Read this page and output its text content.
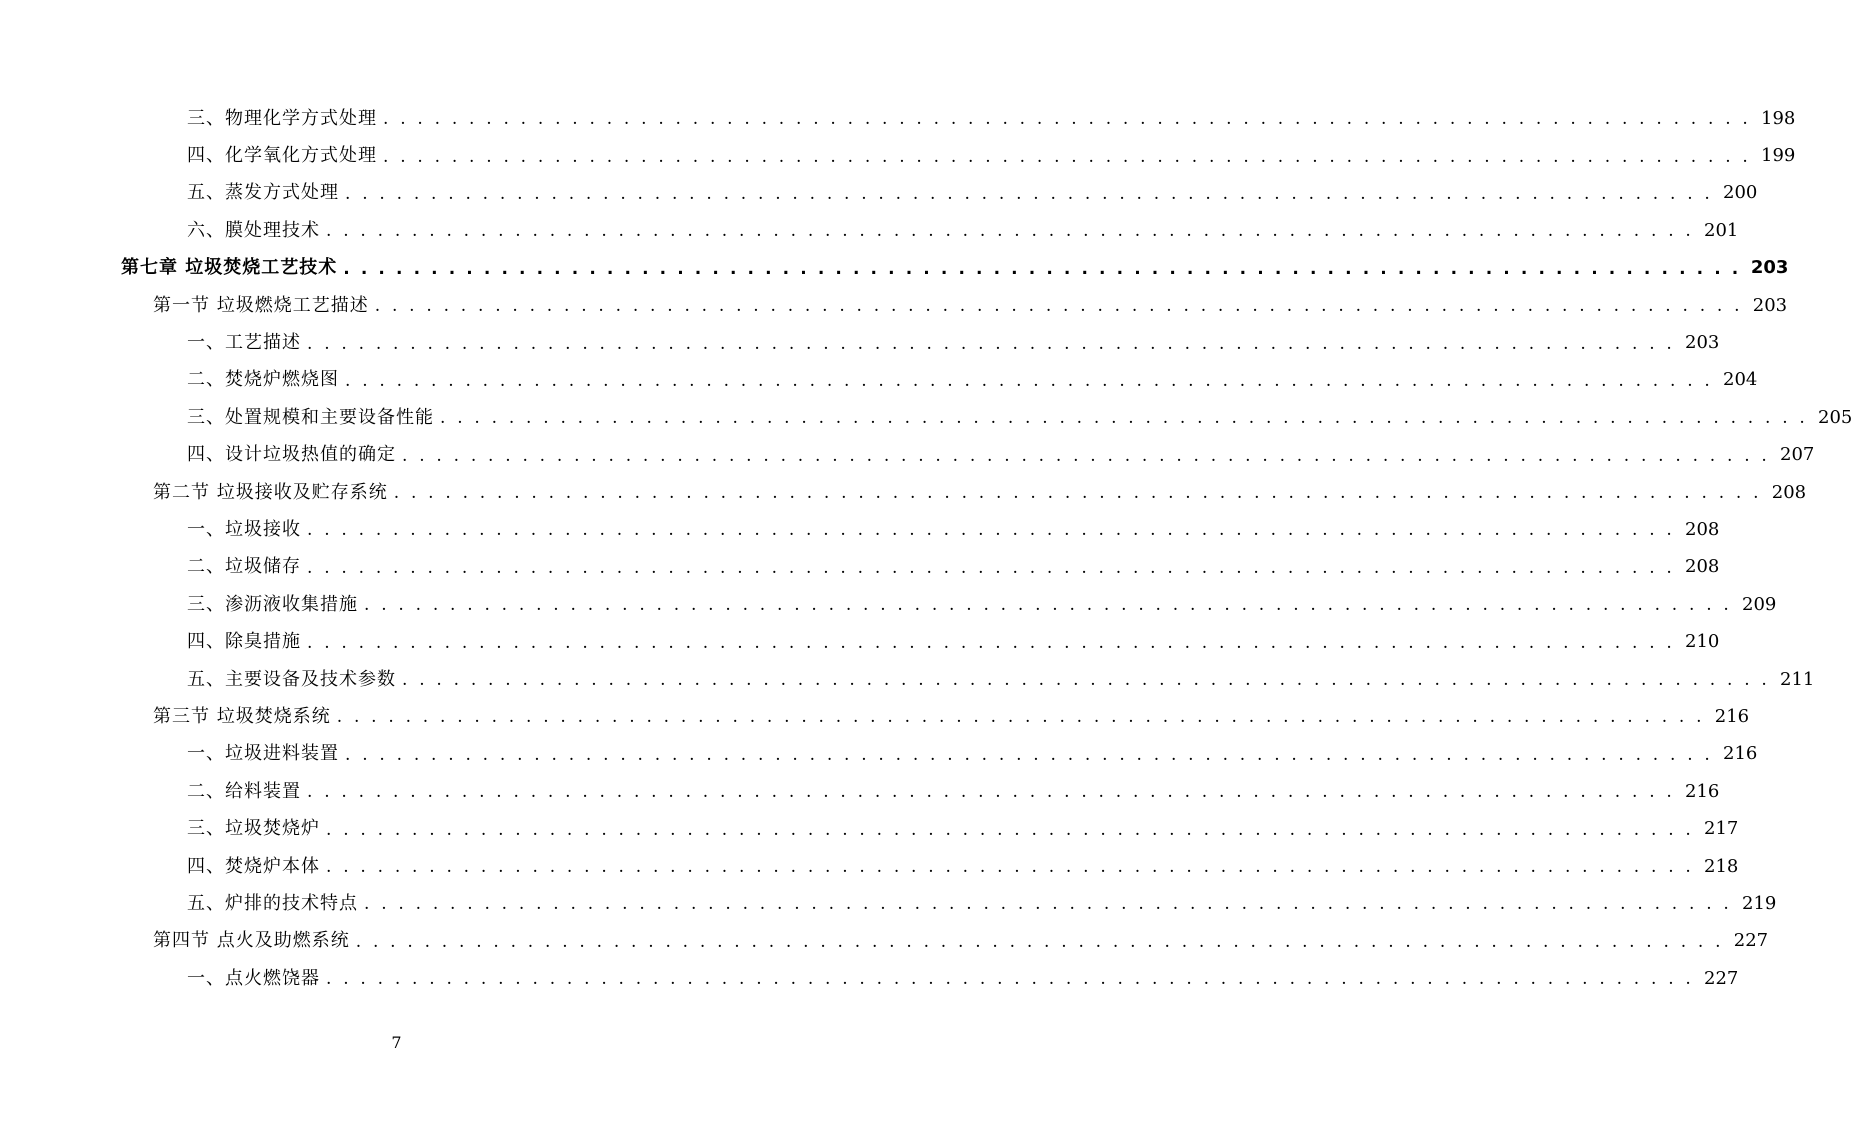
三、物理化学方式处理 . . . . . . . . . . . . . . . . . . . . . . . . . . . . . . . . . . . . . . . . . . . . . . . . . . . . . . . . . . . . . . . . . . . . . . . . . . . . . . . . 198
四、化学氧化方式处理 . . . . . . . . . . . . . . . . . . . . . . . . . . . . . . . . . . . . . . . . . . . . . . . . . . . . . . . . . . . . . . . . . . . . . . . . . . . . . . . . 199
五、蒸发方式处理 . . . . . . . . . . . . . . . . . . . . . . . . . . . . . . . . . . . . . . . . . . . . . . . . . . . . . . . . . . . . . . . . . . . . . . . . . . . . . . . . 200
六、膜处理技术 . . . . . . . . . . . . . . . . . . . . . . . . . . . . . . . . . . . . . . . . . . . . . . . . . . . . . . . . . . . . . . . . . . . . . . . . . . . . . . . . 201
第七章 垃圾焚烧工艺技术 . . . . . . . . . . . . . . . . . . . . . . . . . . . . . . . . . . . . . . . . . . . . . . . . . . . . . . . . . . . . . . . . . . . . . . . . . . . . . . . . 203
第一节 垃圾燃烧工艺描述 . . . . . . . . . . . . . . . . . . . . . . . . . . . . . . . . . . . . . . . . . . . . . . . . . . . . . . . . . . . . . . . . . . . . . . . . . . . . . . . . 203
一、工艺描述 . . . . . . . . . . . . . . . . . . . . . . . . . . . . . . . . . . . . . . . . . . . . . . . . . . . . . . . . . . . . . . . . . . . . . . . . . . . . . . . . 203
二、焚烧炉燃烧图 . . . . . . . . . . . . . . . . . . . . . . . . . . . . . . . . . . . . . . . . . . . . . . . . . . . . . . . . . . . . . . . . . . . . . . . . . . . . . . . . 204
三、处置规模和主要设备性能 . . . . . . . . . . . . . . . . . . . . . . . . . . . . . . . . . . . . . . . . . . . . . . . . . . . . . . . . . . . . . . . . . . . . . . . . . . . . . . . . 205
四、设计垃圾热值的确定 . . . . . . . . . . . . . . . . . . . . . . . . . . . . . . . . . . . . . . . . . . . . . . . . . . . . . . . . . . . . . . . . . . . . . . . . . . . . . . . . 207
第二节 垃圾接收及贮存系统 . . . . . . . . . . . . . . . . . . . . . . . . . . . . . . . . . . . . . . . . . . . . . . . . . . . . . . . . . . . . . . . . . . . . . . . . . . . . . . . . 208
一、垃圾接收 . . . . . . . . . . . . . . . . . . . . . . . . . . . . . . . . . . . . . . . . . . . . . . . . . . . . . . . . . . . . . . . . . . . . . . . . . . . . . . . . 208
二、垃圾储存 . . . . . . . . . . . . . . . . . . . . . . . . . . . . . . . . . . . . . . . . . . . . . . . . . . . . . . . . . . . . . . . . . . . . . . . . . . . . . . . . 208
三、渗沥液收集措施 . . . . . . . . . . . . . . . . . . . . . . . . . . . . . . . . . . . . . . . . . . . . . . . . . . . . . . . . . . . . . . . . . . . . . . . . . . . . . . . . 209
四、除臭措施 . . . . . . . . . . . . . . . . . . . . . . . . . . . . . . . . . . . . . . . . . . . . . . . . . . . . . . . . . . . . . . . . . . . . . . . . . . . . . . . . 210
五、主要设备及技术参数 . . . . . . . . . . . . . . . . . . . . . . . . . . . . . . . . . . . . . . . . . . . . . . . . . . . . . . . . . . . . . . . . . . . . . . . . . . . . . . . . 211
第三节 垃圾焚烧系统 . . . . . . . . . . . . . . . . . . . . . . . . . . . . . . . . . . . . . . . . . . . . . . . . . . . . . . . . . . . . . . . . . . . . . . . . . . . . . . . . 216
一、垃圾进料装置 . . . . . . . . . . . . . . . . . . . . . . . . . . . . . . . . . . . . . . . . . . . . . . . . . . . . . . . . . . . . . . . . . . . . . . . . . . . . . . . . 216
二、给料装置 . . . . . . . . . . . . . . . . . . . . . . . . . . . . . . . . . . . . . . . . . . . . . . . . . . . . . . . . . . . . . . . . . . . . . . . . . . . . . . . . 216
三、垃圾焚烧炉 . . . . . . . . . . . . . . . . . . . . . . . . . . . . . . . . . . . . . . . . . . . . . . . . . . . . . . . . . . . . . . . . . . . . . . . . . . . . . . . . 217
四、焚烧炉本体 . . . . . . . . . . . . . . . . . . . . . . . . . . . . . . . . . . . . . . . . . . . . . . . . . . . . . . . . . . . . . . . . . . . . . . . . . . . . . . . . 218
五、炉排的技术特点 . . . . . . . . . . . . . . . . . . . . . . . . . . . . . . . . . . . . . . . . . . . . . . . . . . . . . . . . . . . . . . . . . . . . . . . . . . . . . . . . 219
第四节 点火及助燃系统 . . . . . . . . . . . . . . . . . . . . . . . . . . . . . . . . . . . . . . . . . . . . . . . . . . . . . . . . . . . . . . . . . . . . . . . . . . . . . . . . 227
一、点火燃饶器 . . . . . . . . . . . . . . . . . . . . . . . . . . . . . . . . . . . . . . . . . . . . . . . . . . . . . . . . . . . . . . . . . . . . . . . . . . . . . . . . 227
7
